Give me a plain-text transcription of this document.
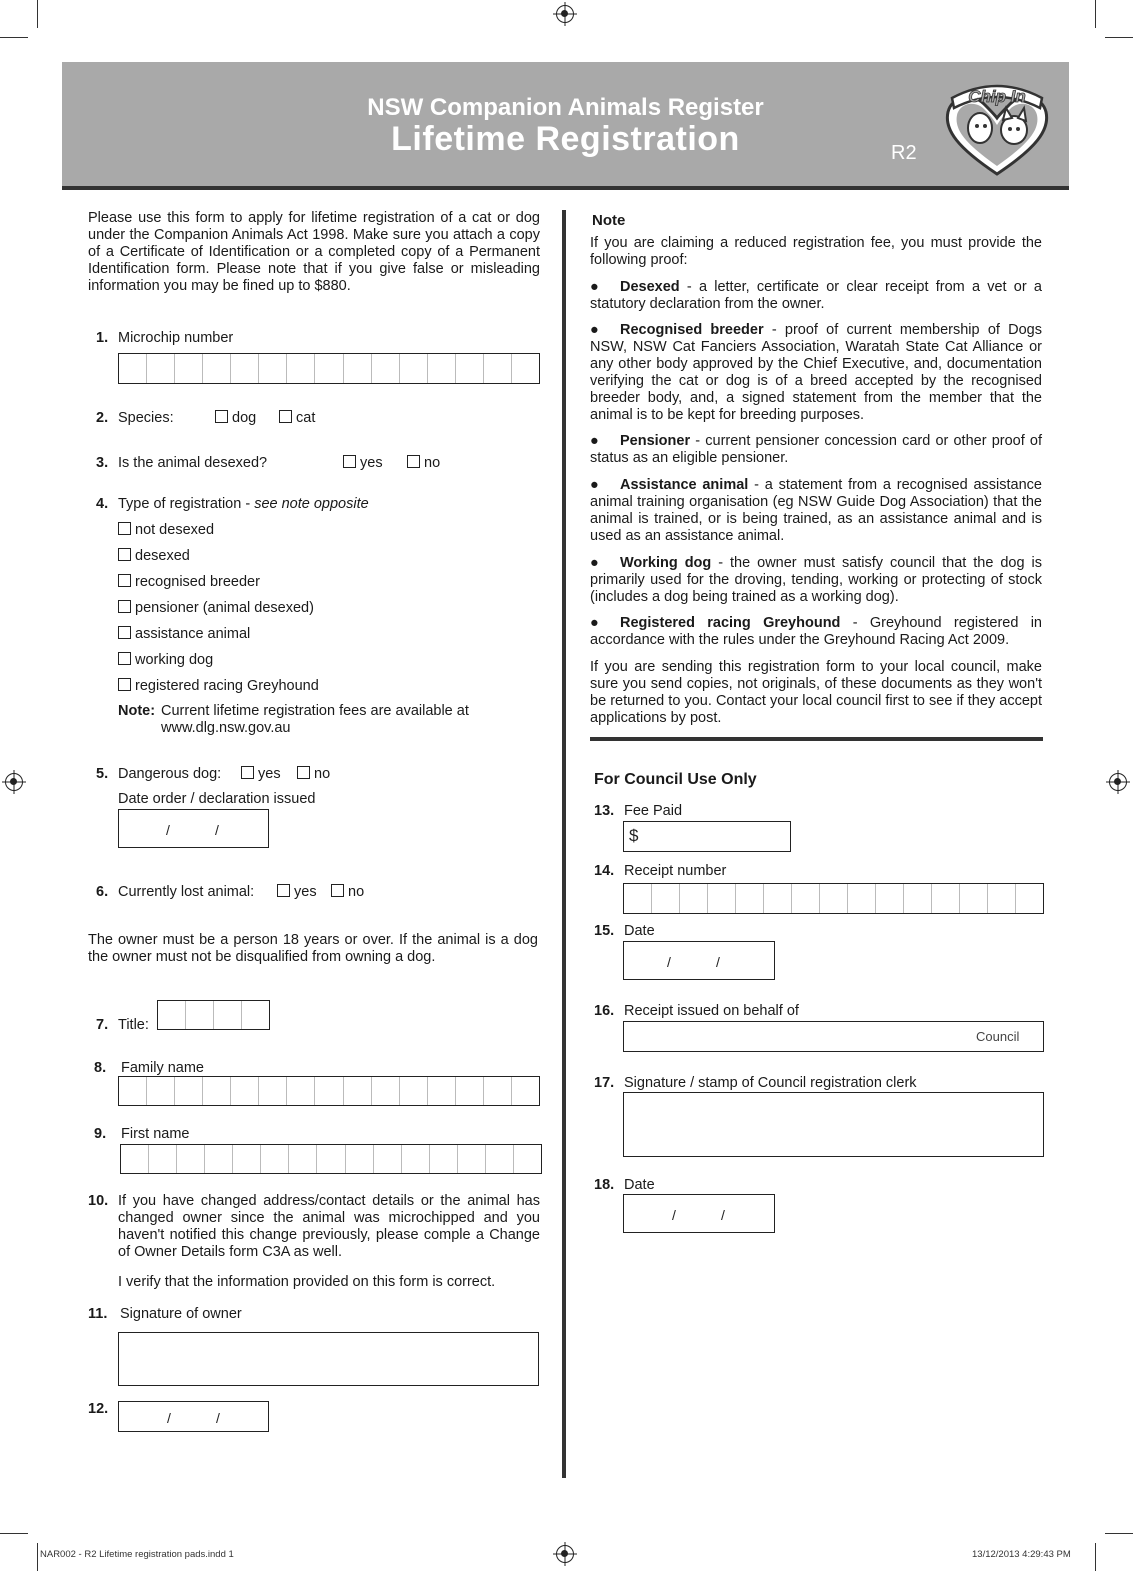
NSW Companion Animals Register
Lifetime Registration	R2
Chip In
Please use this form to apply for lifetime registration of a cat or dog under the Companion Animals Act 1998. Make sure you attach a copy of a Certificate of Identification or a completed copy of a Permanent Identification form. Please note that if you give false or misleading information you may be fined up to $880.
1. Microchip number
2. Species:	dog	cat
3. Is the animal desexed?	yes	no
4. Type of registration - see note opposite
not desexed
desexed
recognised breeder
pensioner (animal desexed)
assistance animal
working dog
registered racing Greyhound
Note: Current lifetime registration fees are available at
www.dlg.nsw.gov.au
5. Dangerous dog:	yes	no
Date order / declaration issued
/	/
6. Currently lost animal:	yes	no
The owner must be a person 18 years or over. If the animal is a dog the owner must not be disqualified from owning a dog.
7. Title:
8. Family name
9. First name
10. If you have changed address/contact details or the animal has changed owner since the animal was microchipped and you haven't notified this change previously, please comple a Change of Owner Details form C3A as well.
I verify that the information provided on this form is correct.
11. Signature of owner
12.
/	/
Note
If you are claiming a reduced registration fee, you must provide the following proof:
● Desexed - a letter, certificate or clear receipt from a vet or a statutory declaration from the owner.
● Recognised breeder - proof of current membership of Dogs NSW, NSW Cat Fanciers Association, Waratah State Cat Alliance or any other body approved by the Chief Executive, and, documentation verifying the cat or dog is of a breed accepted by the recognised breeder body, and, a signed statement from the member that the animal is to be kept for breeding purposes.
● Pensioner - current pensioner concession card or other proof of status as an eligible pensioner.
● Assistance animal - a statement from a recognised assistance animal training organisation (eg NSW Guide Dog Association) that the animal is trained, or is being trained, as an assistance animal and is used as an assistance animal.
● Working dog - the owner must satisfy council that the dog is primarily used for the droving, tending, working or protecting of stock (includes a dog being trained as a working dog).
● Registered racing Greyhound - Greyhound registered in accordance with the rules under the Greyhound Racing Act 2009.
If you are sending this registration form to your local council, make sure you send copies, not originals, of these documents as they won't be returned to you. Contact your local council first to see if they accept applications by post.
For Council Use Only
13. Fee Paid
$
14. Receipt number
15. Date
/	/
16. Receipt issued on behalf of
Council
17. Signature / stamp of Council registration clerk
18. Date
/	/
NAR002 - R2 Lifetime registration pads.indd 1	13/12/2013 4:29:43 PM
